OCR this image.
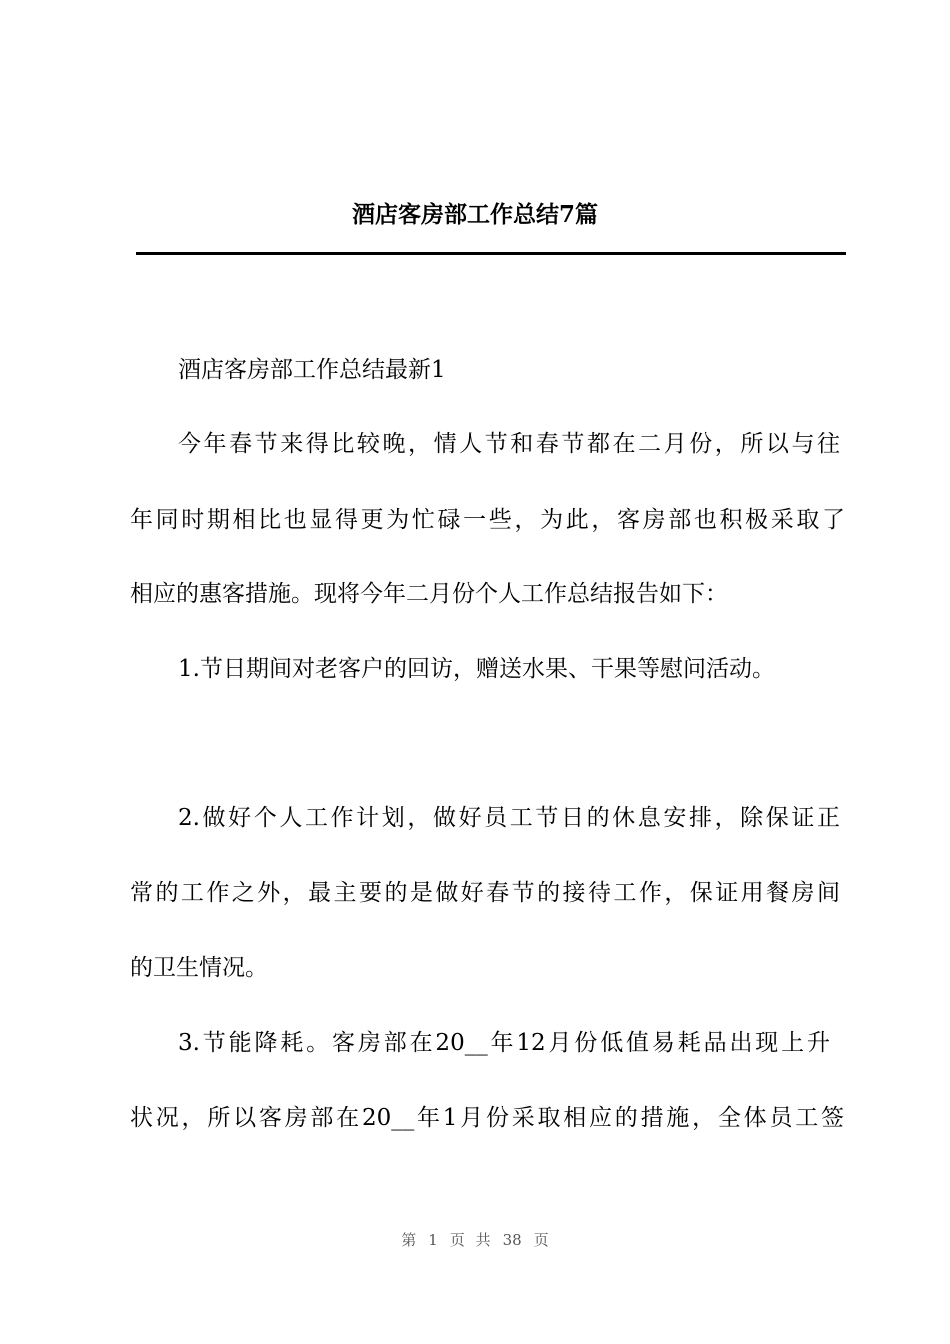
酒店客房部工作总结7篇
酒店客房部工作总结最新1
今年春节来得比较晚，情人节和春节都在二月份，所以与往
年同时期相比也显得更为忙碌一些，为此，客房部也积极采取了
相应的惠客措施。现将今年二月份个人工作总结报告如下：
1.节日期间对老客户的回访，赠送水果、干果等慰问活动。
2.做好个人工作计划，做好员工节日的休息安排，除保证正
常的工作之外，最主要的是做好春节的接待工作，保证用餐房间
的卫生情况。
3.节能降耗。客房部在20__年12月份低值易耗品出现上升
状况，所以客房部在20__年1月份采取相应的措施，全体员工签
第 1 页 共 38 页
